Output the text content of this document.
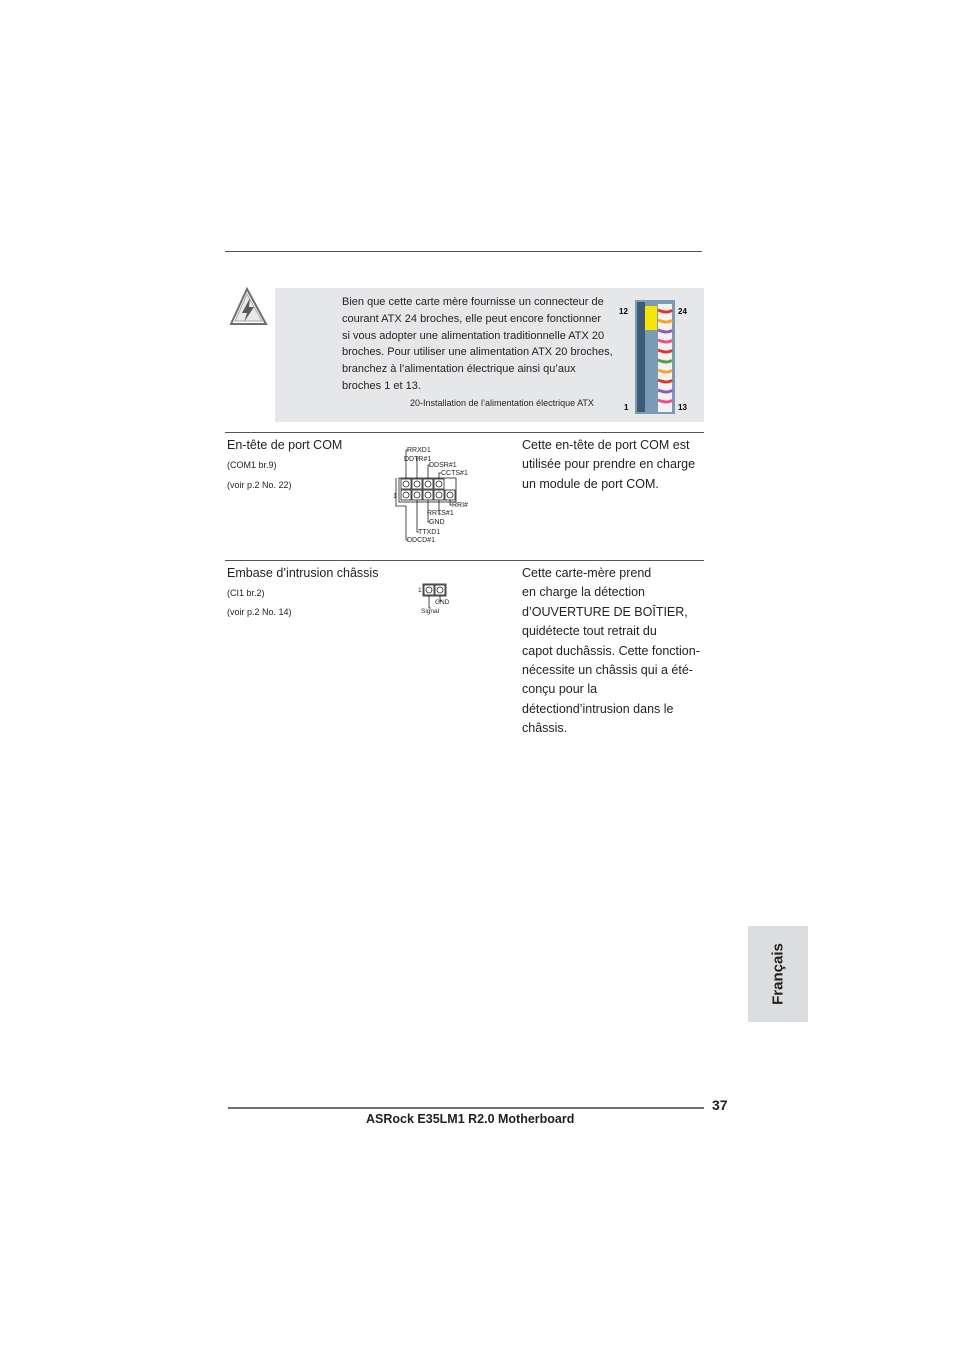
Bien que cette carte mère fournisse un connecteur de
courant ATX 24 broches, elle peut encore fonctionner
si vous adopter une alimentation traditionnelle ATX 20
broches. Pour utiliser une alimentation ATX 20 broches,
branchez à l’alimentation électrique ainsi qu’aux
broches 1 et 13.
20-Installation de l’alimentation électrique ATX
12	24
1	13
En-tête de port COM
(COM1 br.9)
(voir p.2 No. 22)
RRXD1
DDTR#1
DDSR#1
CCTS#1
1
RRI#
RRTS#1
GND
TTXD1
DDCD#1
Cette en-tête de port COM est
utilisée pour prendre en charge
un module de port COM.
Embase d’intrusion châssis
(CI1 br.2)
(voir p.2 No. 14)
1
GND
Signal
Cette carte-mère prend
en charge la détection
d’OUVERTURE DE BOÎTIER,
quidétecte tout retrait du
capot duchâssis. Cette fonction-
nécessite un châssis qui a été-
conçu pour la
détectiond’intrusion dans le
châssis.
Français
37
ASRock E35LM1 R2.0 Motherboard
